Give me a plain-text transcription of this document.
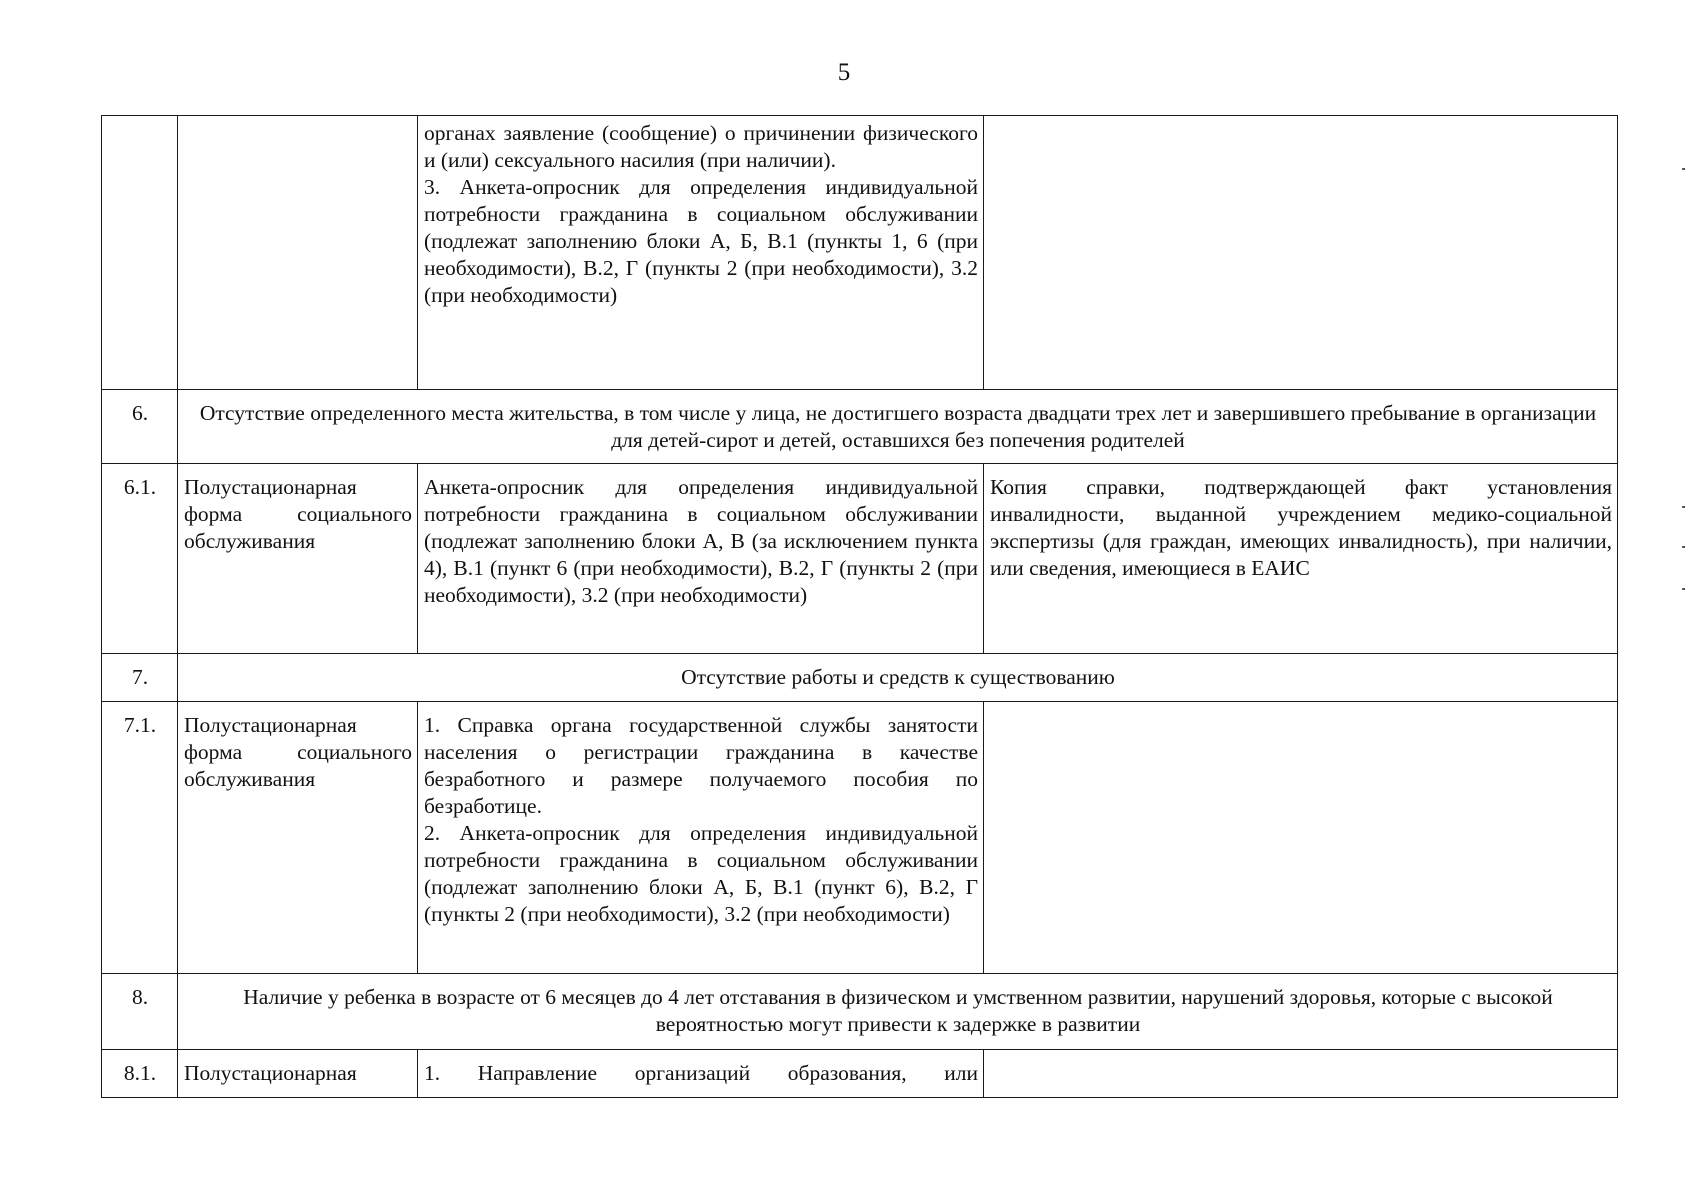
5

		органах заявление (сообщение) о причинении физического и (или) сексуального насилия (при наличии).
3. Анкета-опросник для определения индивидуальной потребности гражданина в социальном обслуживании (подлежат заполнению блоки А, Б, В.1 (пункты 1, 6 (при необходимости), В.2, Г (пункты 2 (при необходимости), 3.2 (при необходимости)	

6.	Отсутствие определенного места жительства, в том числе у лица, не достигшего возраста двадцати трех лет и завершившего пребывание в организации для детей-сирот и детей, оставшихся без попечения родителей		
6.1.	Полустационарная форма социального обслуживания	Анкета-опросник для определения индивидуальной потребности гражданина в социальном обслуживании (подлежат заполнению блоки А, В (за исключением пункта 4), В.1 (пункт 6 (при необходимости), В.2, Г (пункты 2 (при необходимости), 3.2 (при необходимости)	Копия справки, подтверждающей факт установления инвалидности, выданной учреждением медико-социальной экспертизы (для граждан, имеющих инвалидность), при наличии, или сведения, имеющиеся в ЕАИС
7.	Отсутствие работы и средств к существованию		
7.1.	Полустационарная форма социального обслуживания	1. Справка органа государственной службы занятости населения о регистрации гражданина в качестве безработного и размере получаемого пособия по безработице.
2. Анкета-опросник для определения индивидуальной потребности гражданина в социальном обслуживании (подлежат заполнению блоки А, Б, В.1 (пункт 6), В.2, Г (пункты 2 (при необходимости), 3.2 (при необходимости)	

8.	Наличие у ребенка в возрасте от 6 месяцев до 4 лет отставания в физическом и умственном развитии, нарушений здоровья, которые с высокой вероятностью могут привести к задержке в развитии		
8.1.	Полустационарная	1. Направление организаций образования, или	
